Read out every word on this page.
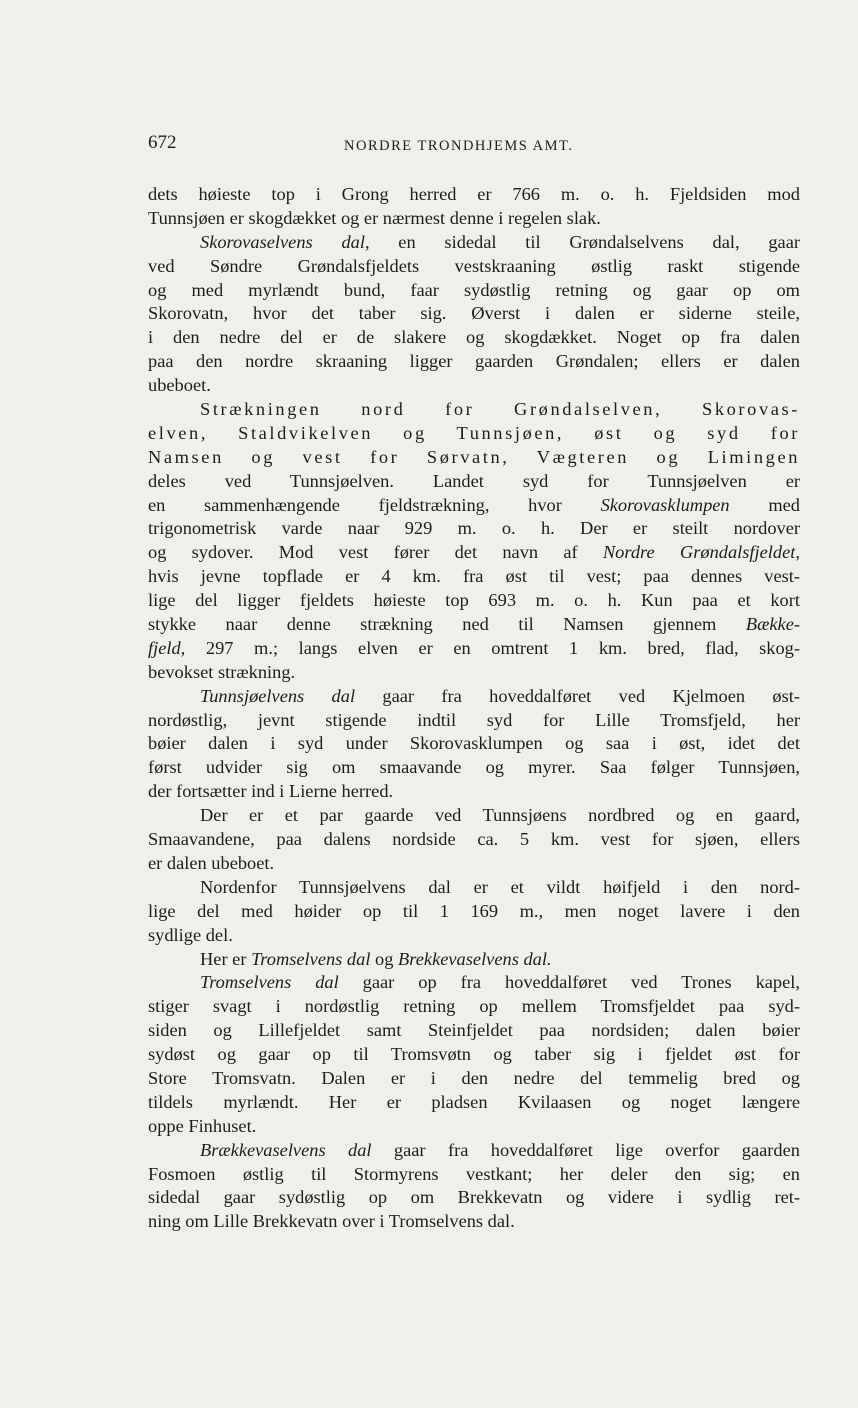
672	NORDRE TRONDHJEMS AMT.
dets høieste top i Grong herred er 766 m. o. h. Fjeldsiden mod
Tunnsjøen er skogdækket og er nærmest denne i regelen slak.
Skorovaselvens dal, en sidedal til Grøndalselvens dal, gaar
ved Søndre Grøndalsfjeldets vestskraaning østlig raskt stigende
og med myrlændt bund, faar sydøstlig retning og gaar op om
Skorovatn, hvor det taber sig. Øverst i dalen er siderne steile,
i den nedre del er de slakere og skogdækket. Noget op fra dalen
paa den nordre skraaning ligger gaarden Grøndalen; ellers er dalen
ubeboet.
Strækningen nord for Grøndalselven, Skorovas-
elven, Staldvikelven og Tunnsjøen, øst og syd for
Namsen og vest for Sørvatn, Vægteren og Limingen
deles ved Tunnsjøelven. Landet syd for Tunnsjøelven er
en sammenhængende fjeldstrækning, hvor Skorovasklumpen med
trigonometrisk varde naar 929 m. o. h. Der er steilt nordover
og sydover. Mod vest fører det navn af Nordre Grøndalsfjeldet,
hvis jevne topflade er 4 km. fra øst til vest; paa dennes vest-
lige del ligger fjeldets høieste top 693 m. o. h. Kun paa et kort
stykke naar denne strækning ned til Namsen gjennem Bække-
fjeld, 297 m.; langs elven er en omtrent 1 km. bred, flad, skog-
bevokset strækning.
Tunnsjøelvens dal gaar fra hoveddalføret ved Kjelmoen øst-
nordøstlig, jevnt stigende indtil syd for Lille Tromsfjeld, her
bøier dalen i syd under Skorovasklumpen og saa i øst, idet det
først udvider sig om smaavande og myrer. Saa følger Tunnsjøen,
der fortsætter ind i Lierne herred.
Der er et par gaarde ved Tunnsjøens nordbred og en gaard,
Smaavandene, paa dalens nordside ca. 5 km. vest for sjøen, ellers
er dalen ubeboet.
Nordenfor Tunnsjøelvens dal er et vildt høifjeld i den nord-
lige del med høider op til 1 169 m., men noget lavere i den
sydlige del.
Her er Tromselvens dal og Brekkevaselvens dal.
Tromselvens dal gaar op fra hoveddalføret ved Trones kapel,
stiger svagt i nordøstlig retning op mellem Tromsfjeldet paa syd-
siden og Lillefjeldet samt Steinfjeldet paa nordsiden; dalen bøier
sydøst og gaar op til Tromsvøtn og taber sig i fjeldet øst for
Store Tromsvatn. Dalen er i den nedre del temmelig bred og
tildels myrlændt. Her er pladsen Kvilaasen og noget længere
oppe Finhuset.
Brækkevaselvens dal gaar fra hoveddalføret lige overfor gaarden
Fosmoen østlig til Stormyrens vestkant; her deler den sig; en
sidedal gaar sydøstlig op om Brekkevatn og videre i sydlig ret-
ning om Lille Brekkevatn over i Tromselvens dal.
